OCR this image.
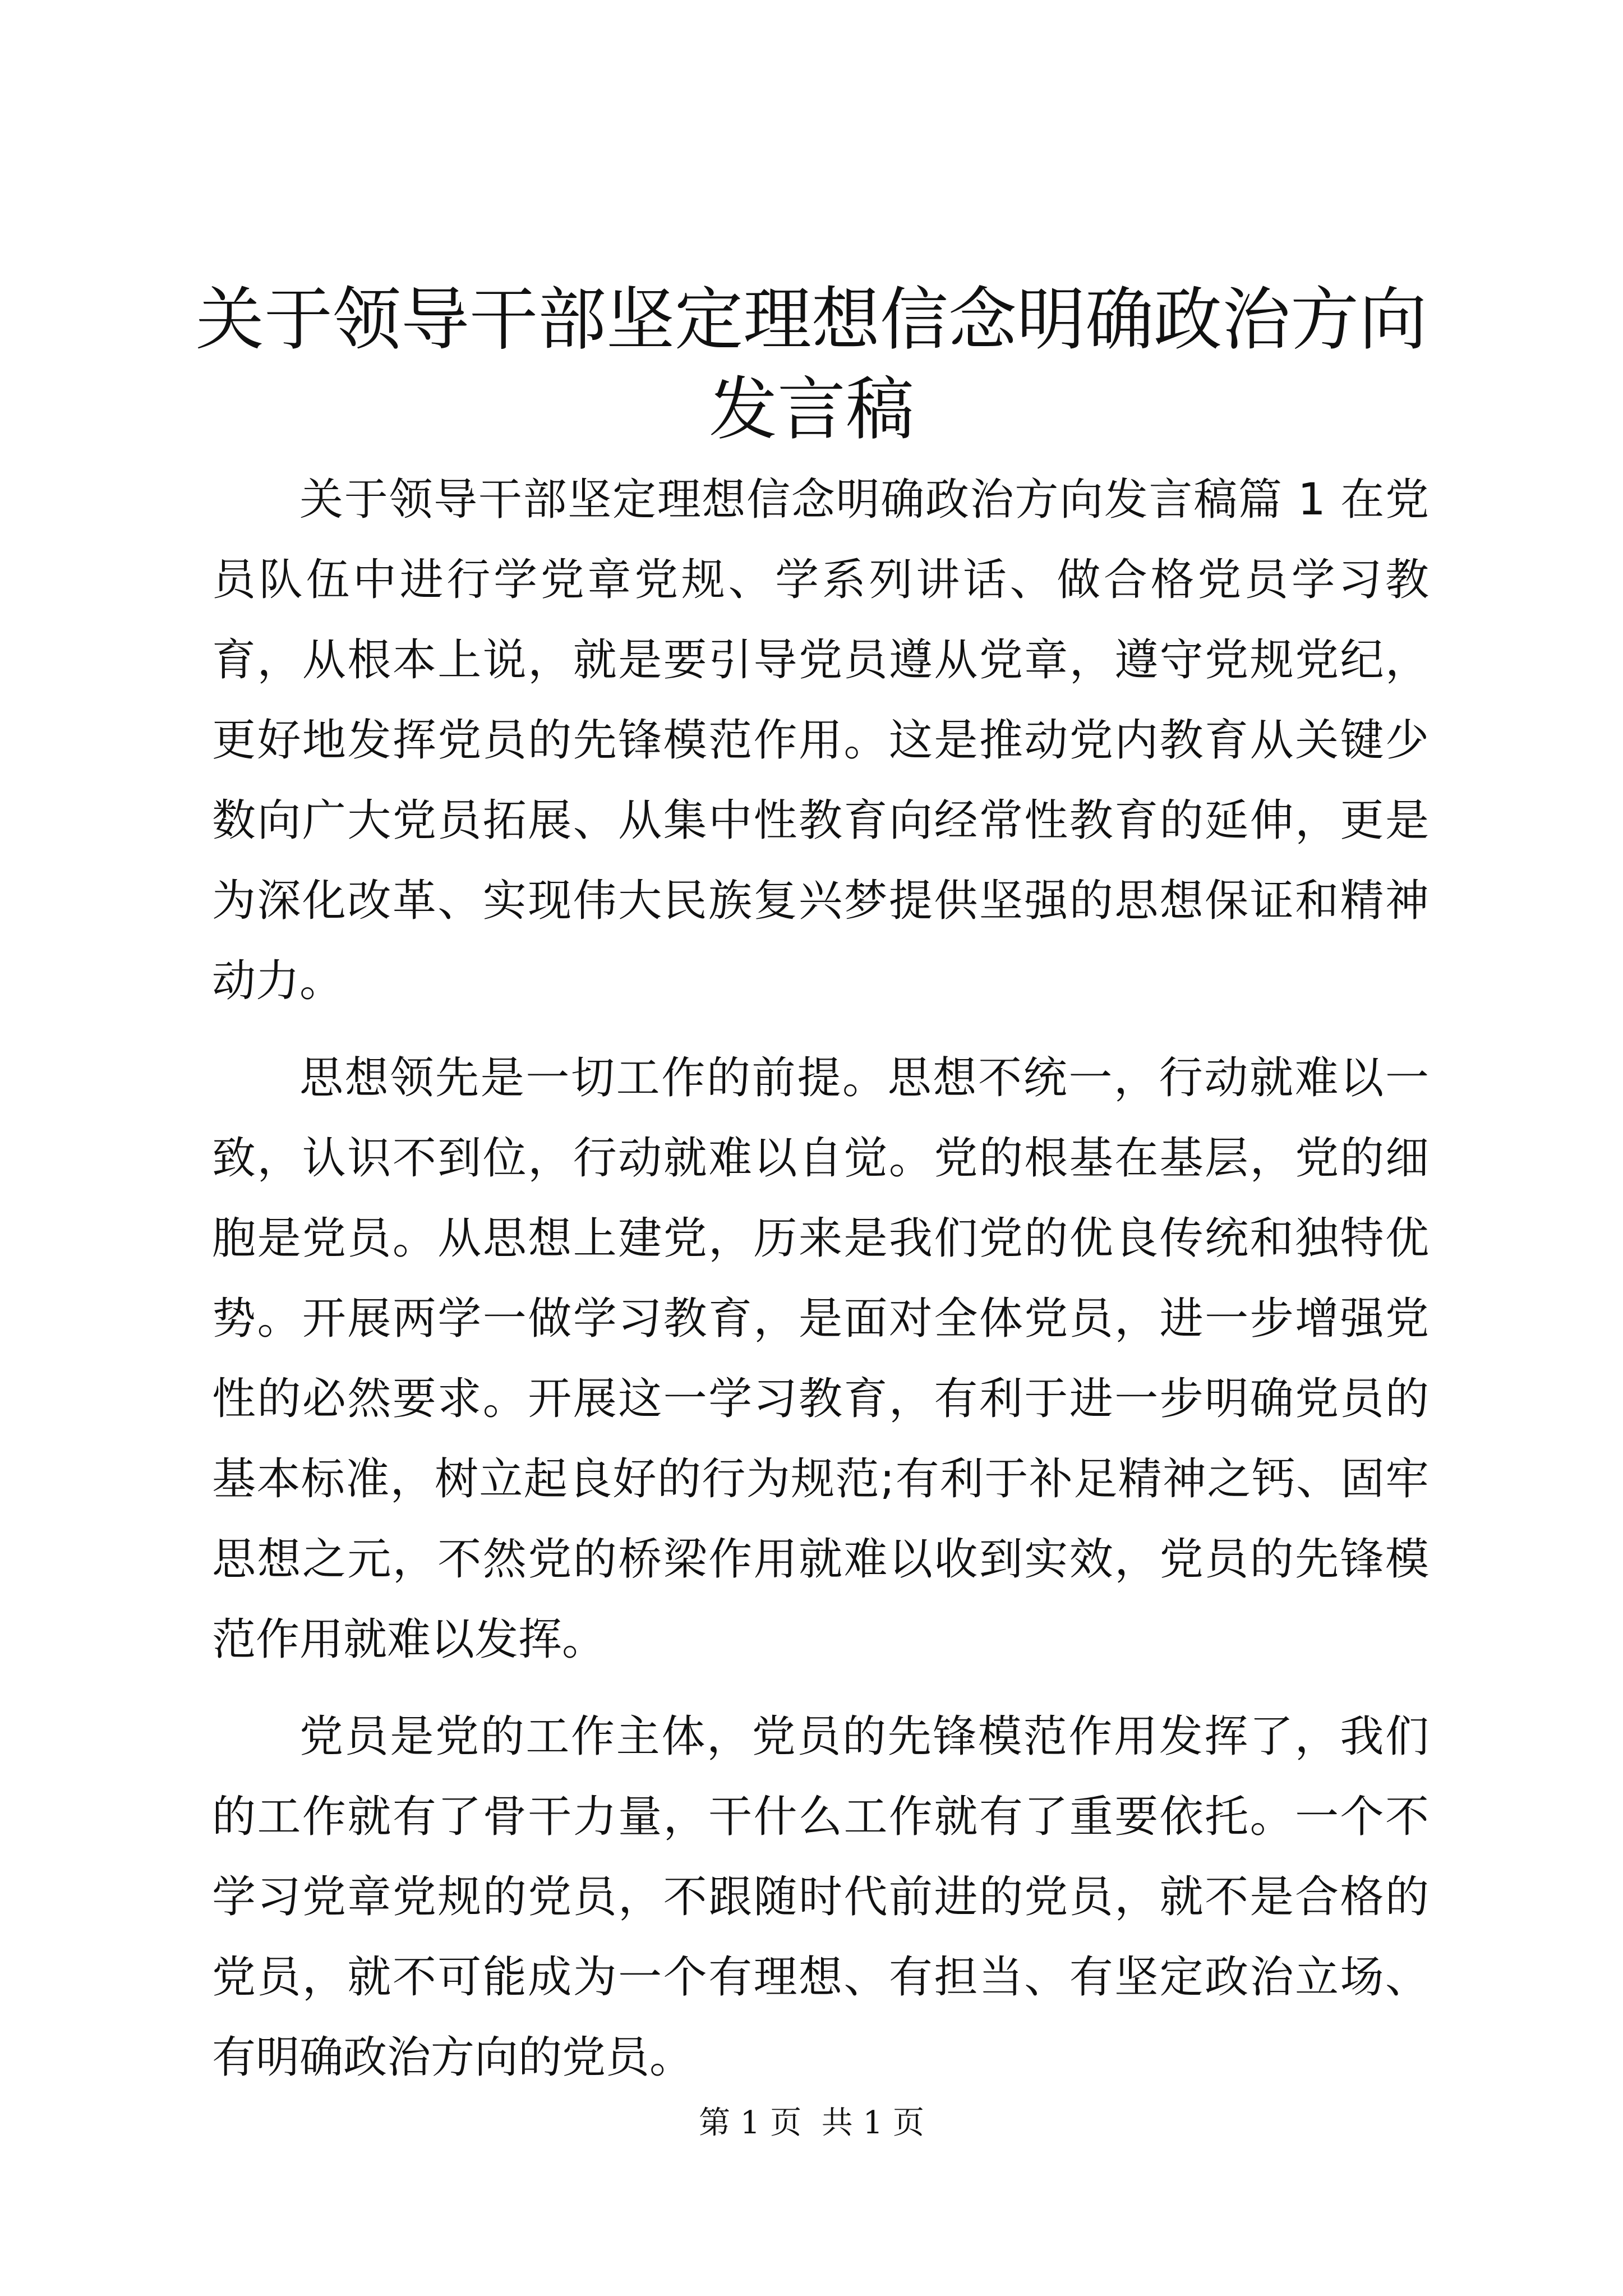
关于领导干部坚定理想信念明确政治方向发言稿

关于领导干部坚定理想信念明确政治方向发言稿篇 1 在党员队伍中进行学党章党规、学系列讲话、做合格党员学习教育，从根本上说，就是要引导党员遵从党章，遵守党规党纪，更好地发挥党员的先锋模范作用。这是推动党内教育从关键少数向广大党员拓展、从集中性教育向经常性教育的延伸，更是为深化改革、实现伟大民族复兴梦提供坚强的思想保证和精神动力。

思想领先是一切工作的前提。思想不统一，行动就难以一致，认识不到位，行动就难以自觉。党的根基在基层，党的细胞是党员。从思想上建党，历来是我们党的优良传统和独特优势。开展两学一做学习教育，是面对全体党员，进一步增强党性的必然要求。开展这一学习教育，有利于进一步明确党员的基本标准，树立起良好的行为规范;有利于补足精神之钙、固牢思想之元，不然党的桥梁作用就难以收到实效，党员的先锋模范作用就难以发挥。

党员是党的工作主体，党员的先锋模范作用发挥了，我们的工作就有了骨干力量，干什么工作就有了重要依托。一个不学习党章党规的党员，不跟随时代前进的党员，就不是合格的党员，就不可能成为一个有理想、有担当、有坚定政治立场、有明确政治方向的党员。

第 1 页  共 1 页
